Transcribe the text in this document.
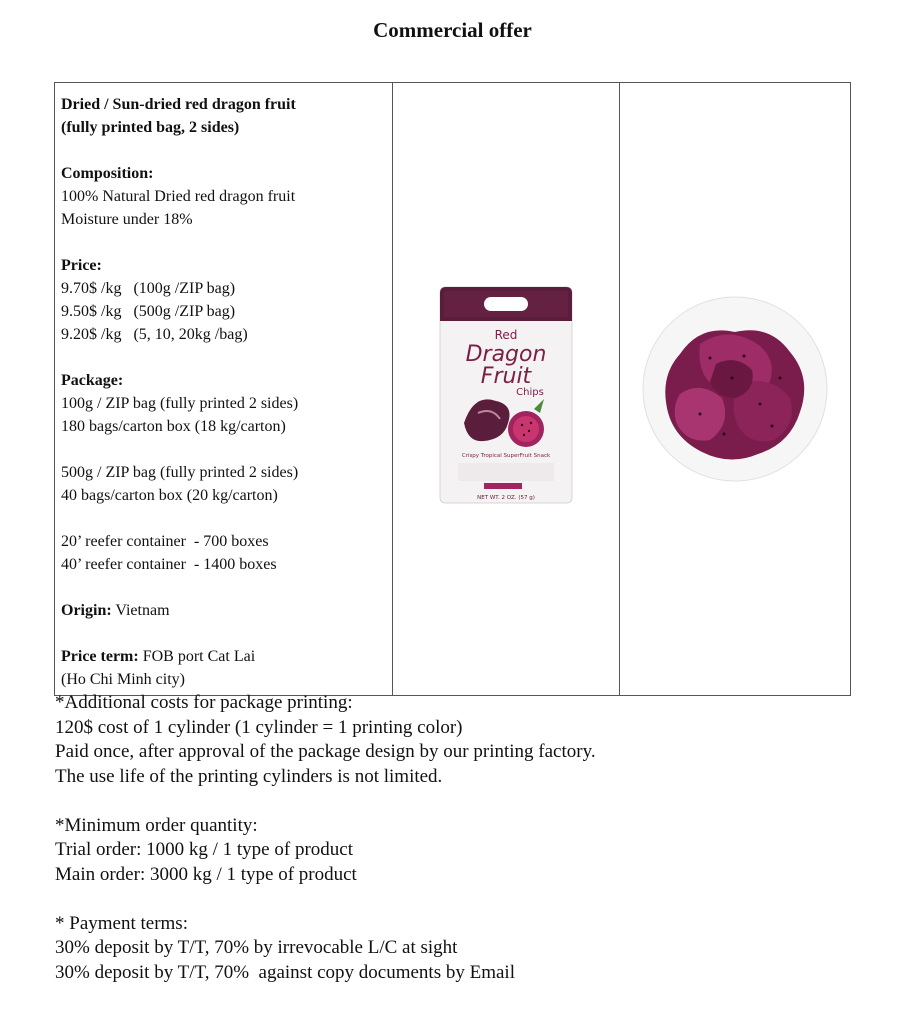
Commercial offer
Dried / Sun-dried red dragon fruit
(fully printed bag, 2 sides)
Composition:
100% Natural Dried red dragon fruit
Moisture under 18%
Price:
9.70$ /kg   (100g /ZIP bag)
9.50$ /kg   (500g /ZIP bag)
9.20$ /kg   (5, 10, 20kg /bag)
Package:
100g / ZIP bag (fully printed 2 sides)
180 bags/carton box (18 kg/carton)
500g / ZIP bag (fully printed 2 sides)
40 bags/carton box (20 kg/carton)
20’ reefer container  - 700 boxes
40’ reefer container  - 1400 boxes
Origin: Vietnam
Price term: FOB port Cat Lai
(Ho Chi Minh city)

Red
Dragon
Fruit
Chips
Crispy Tropical SuperFruit Snack
NET WT. 2 OZ. (57 g)

*Additional costs for package printing:
120$ cost of 1 cylinder (1 cylinder = 1 printing color)
Paid once, after approval of the package design by our printing factory.
The use life of the printing cylinders is not limited.
*Minimum order quantity:
Trial order: 1000 kg / 1 type of product
Main order: 3000 kg / 1 type of product
* Payment terms:
30% deposit by T/T, 70% by irrevocable L/C at sight
30% deposit by T/T, 70%  against copy documents by Email
